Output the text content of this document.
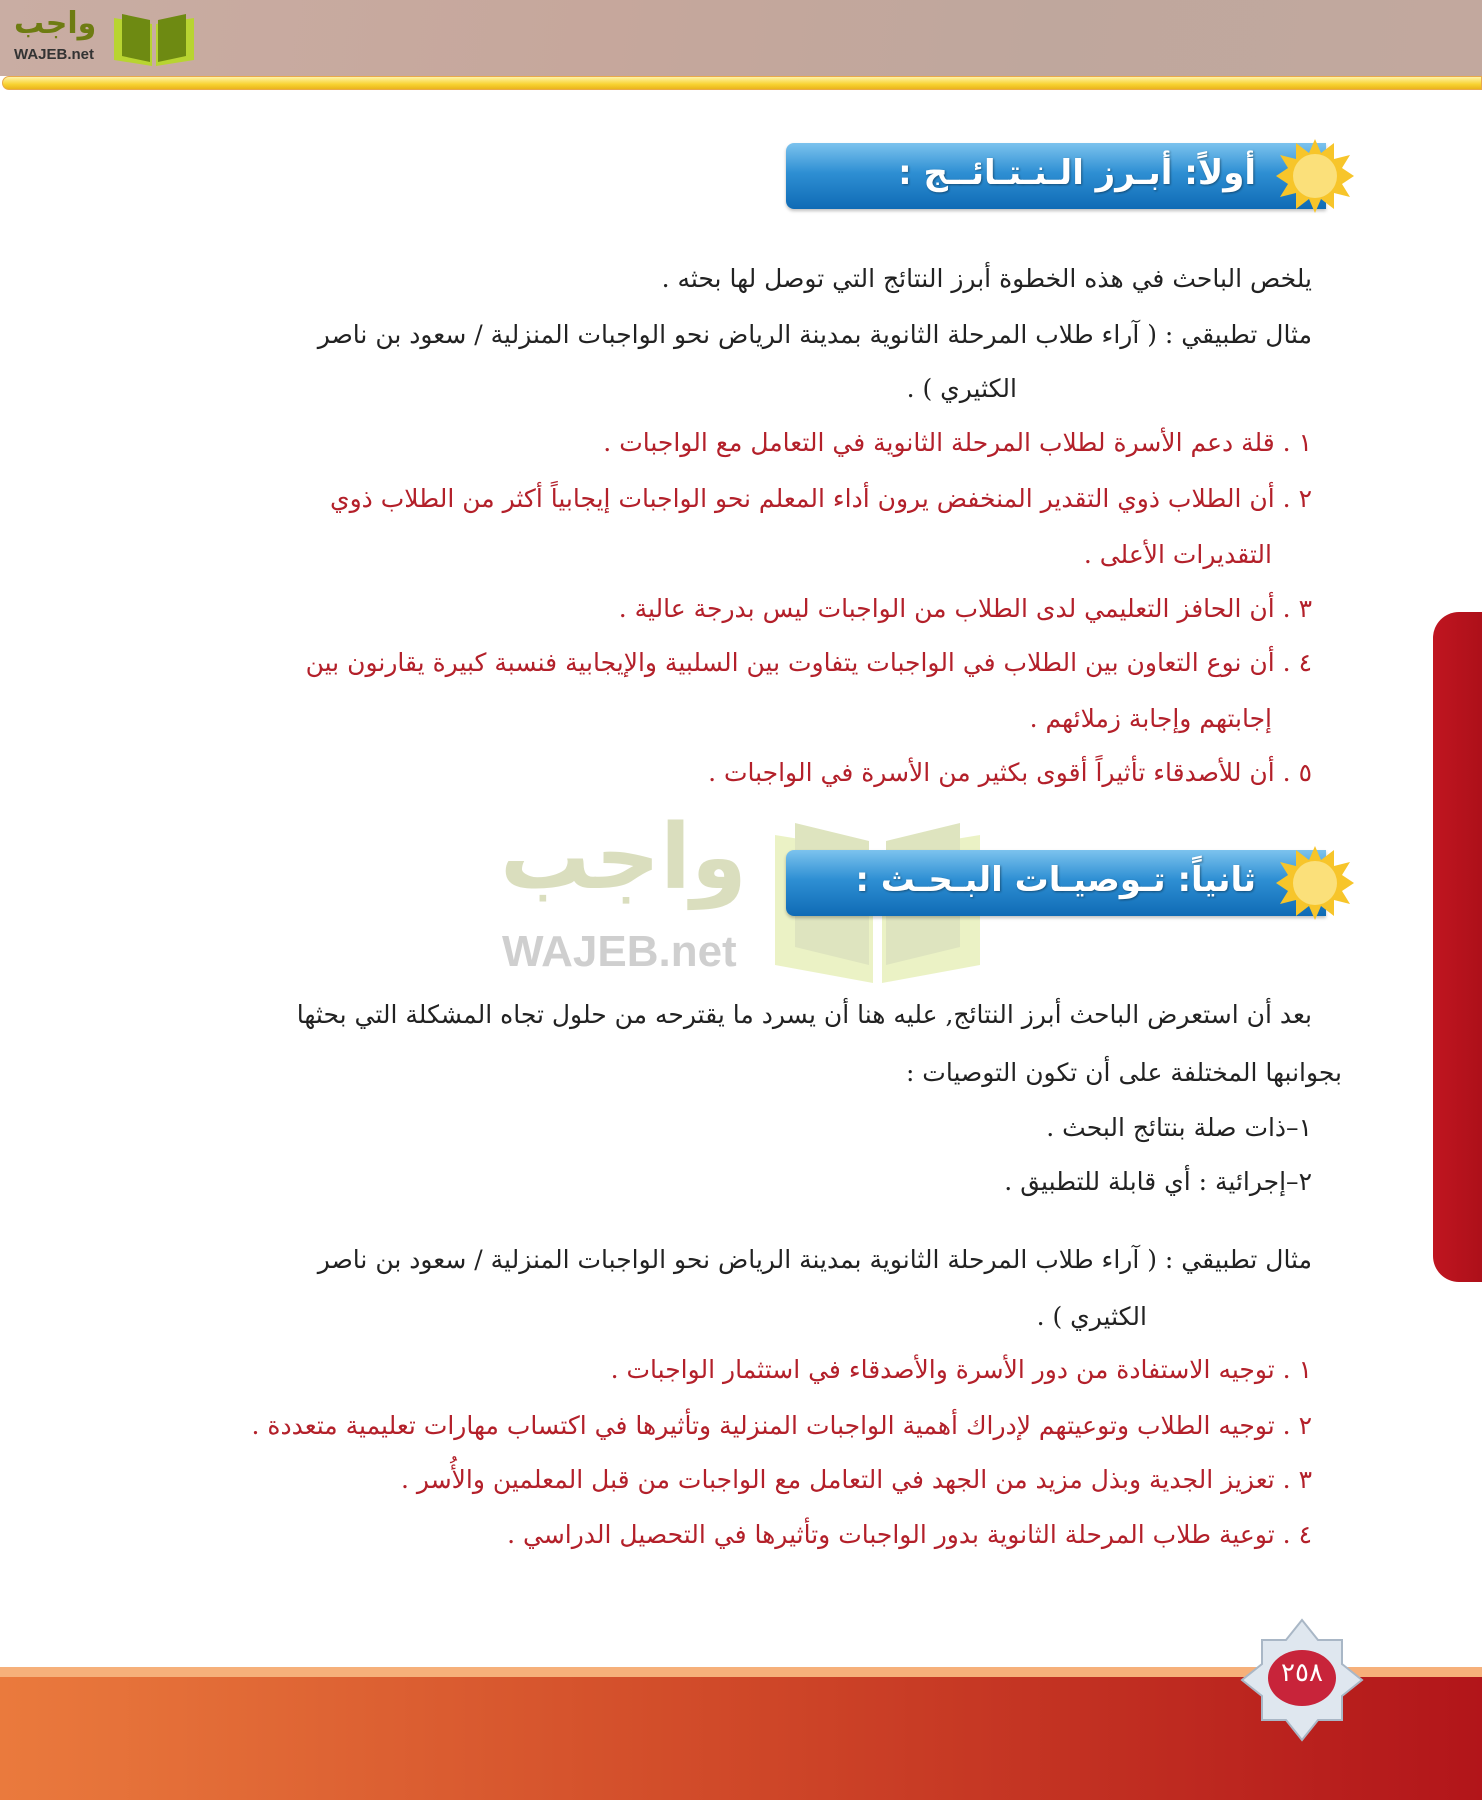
واجب
WAJEB.net
واجب
WAJEB.net
أولاً: أبـرز الـنـتـائــج :
يلخص الباحث في هذه الخطوة أبرز النتائج التي توصل لها بحثه .
مثال تطبيقي : ( آراء طلاب المرحلة الثانوية بمدينة الرياض نحو الواجبات المنزلية / سعود بن ناصر
الكثيري ) .
١ . قلة دعم الأسرة لطلاب المرحلة الثانوية في التعامل مع الواجبات .
٢ . أن الطلاب ذوي التقدير المنخفض يرون أداء المعلم نحو الواجبات إيجابياً أكثر من الطلاب ذوي
التقديرات الأعلى .
٣ . أن الحافز التعليمي لدى الطلاب من الواجبات ليس بدرجة عالية .
٤ . أن نوع التعاون بين الطلاب في الواجبات يتفاوت بين السلبية والإيجابية فنسبة كبيرة يقارنون بين
إجابتهم وإجابة زملائهم .
٥ . أن للأصدقاء تأثيراً أقوى بكثير من الأسرة في الواجبات .
ثانياً: تـوصيـات البـحـث :
بعد أن استعرض الباحث أبرز النتائج, عليه هنا أن يسرد ما يقترحه من حلول تجاه المشكلة التي بحثها
بجوانبها المختلفة على أن تكون التوصيات :
١–ذات صلة بنتائج البحث .
٢–إجرائية : أي قابلة للتطبيق .
مثال تطبيقي : ( آراء طلاب المرحلة الثانوية بمدينة الرياض نحو الواجبات المنزلية / سعود بن ناصر
الكثيري ) .
١ . توجيه الاستفادة من دور الأسرة والأصدقاء في استثمار الواجبات .
٢ . توجيه الطلاب وتوعيتهم لإدراك أهمية الواجبات المنزلية وتأثيرها في اكتساب مهارات تعليمية متعددة .
٣ . تعزيز الجدية وبذل مزيد من الجهد في التعامل مع الواجبات من قبل المعلمين والأُسر .
٤ . توعية طلاب المرحلة الثانوية بدور الواجبات وتأثيرها في التحصيل الدراسي .
٢٥٨
